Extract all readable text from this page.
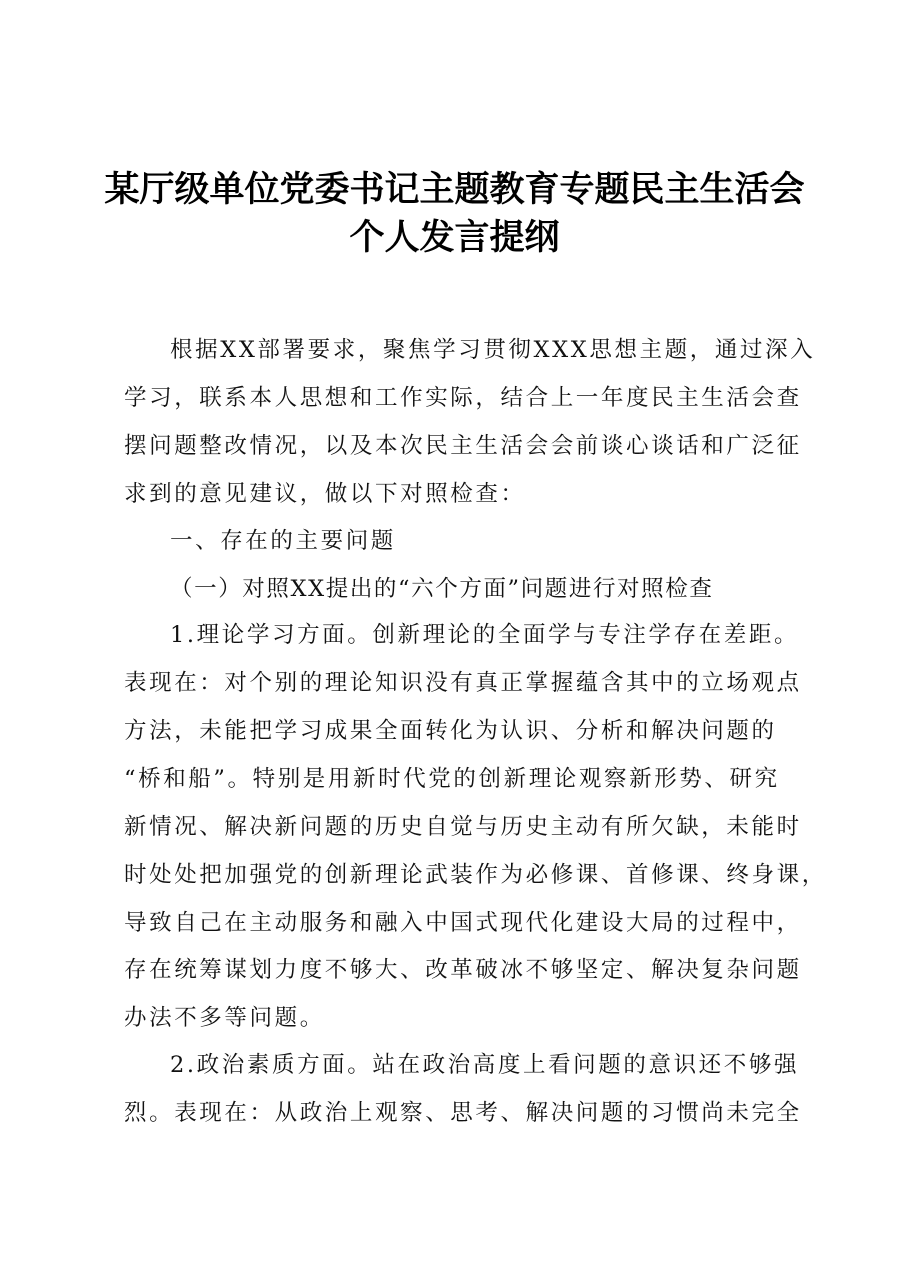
某厅级单位党委书记主题教育专题民主生活会
个人发言提纲
根据XX部署要求，聚焦学习贯彻XXX思想主题，通过深入
学习，联系本人思想和工作实际，结合上一年度民主生活会查
摆问题整改情况，以及本次民主生活会会前谈心谈话和广泛征
求到的意见建议，做以下对照检查：
一、存在的主要问题
（一）对照XX提出的“六个方面”问题进行对照检查
1.理论学习方面。创新理论的全面学与专注学存在差距。
表现在：对个别的理论知识没有真正掌握蕴含其中的立场观点
方法，未能把学习成果全面转化为认识、分析和解决问题的
“桥和船”。特别是用新时代党的创新理论观察新形势、研究
新情况、解决新问题的历史自觉与历史主动有所欠缺，未能时
时处处把加强党的创新理论武装作为必修课、首修课、终身课，
导致自己在主动服务和融入中国式现代化建设大局的过程中，
存在统筹谋划力度不够大、改革破冰不够坚定、解决复杂问题
办法不多等问题。
2.政治素质方面。站在政治高度上看问题的意识还不够强
烈。表现在：从政治上观察、思考、解决问题的习惯尚未完全
